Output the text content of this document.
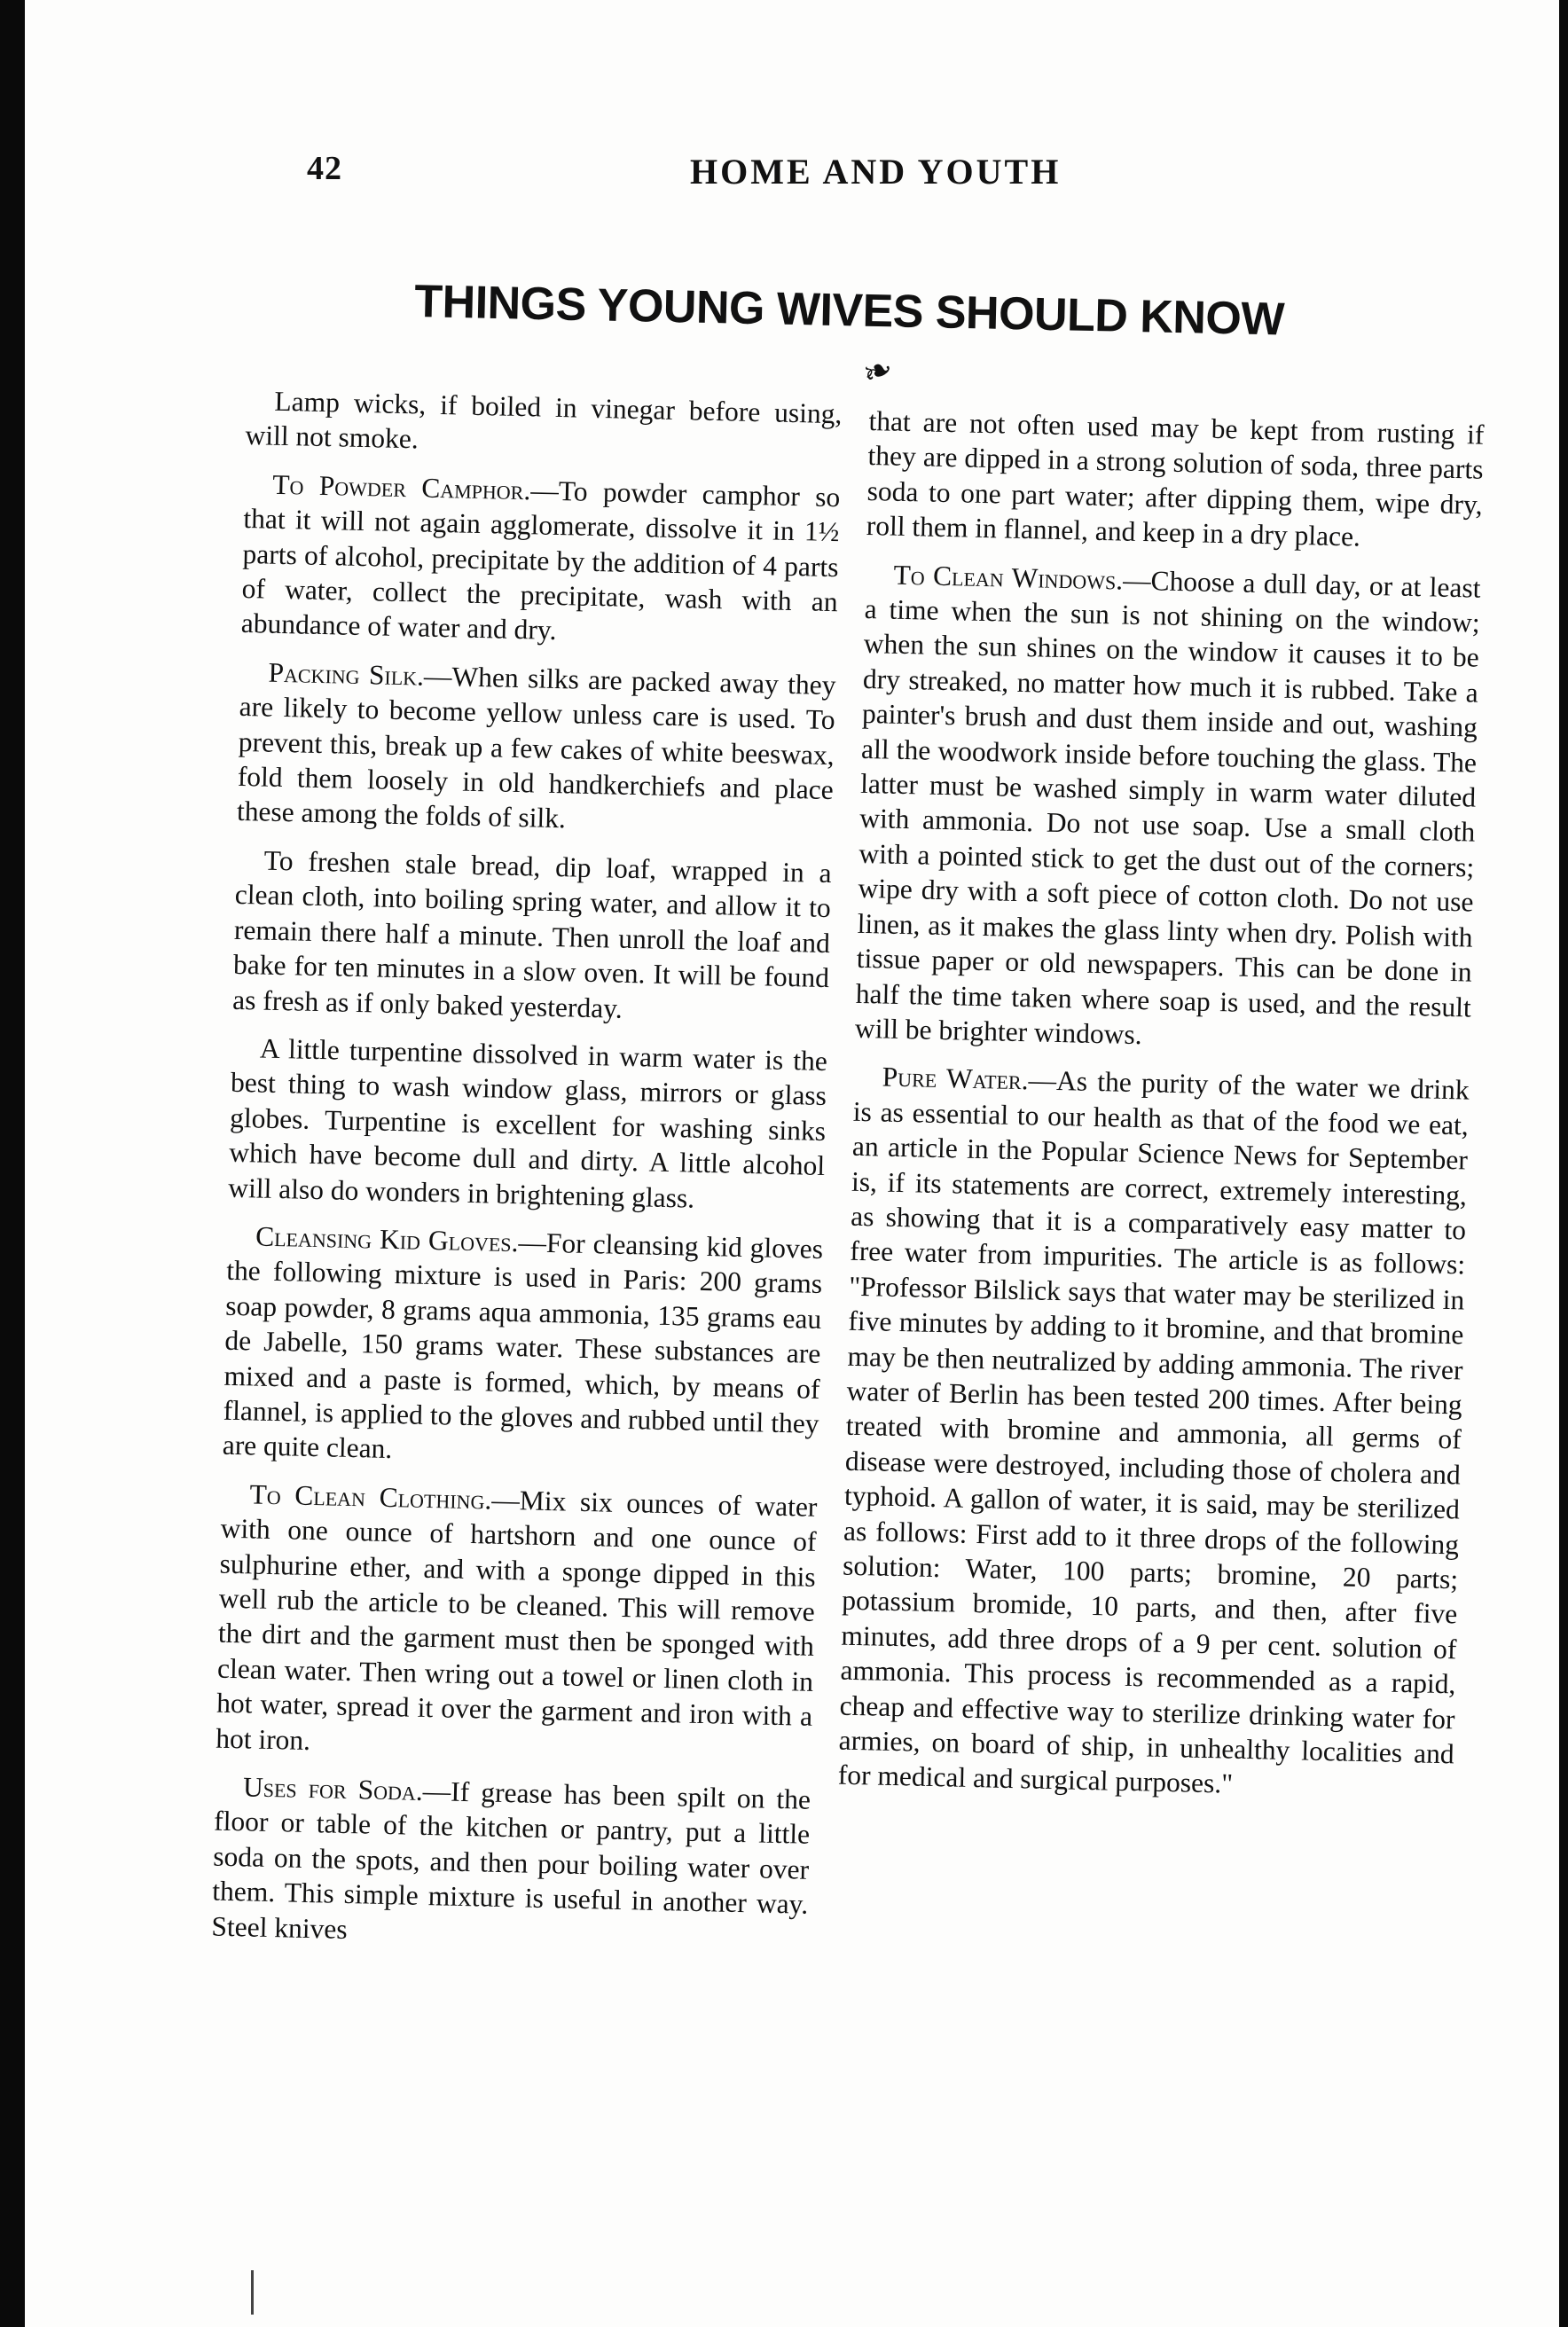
42	HOME AND YOUTH
THINGS YOUNG WIVES SHOULD KNOW
❧

Lamp wicks, if boiled in vinegar before using, will not smoke.

To Powder Camphor.—To powder camphor so that it will not again agglomerate, dissolve it in 1½ parts of alcohol, precipitate by the addition of 4 parts of water, collect the precipitate, wash with an abundance of water and dry.

Packing Silk.—When silks are packed away they are likely to become yellow unless care is used. To prevent this, break up a few cakes of white beeswax, fold them loosely in old handkerchiefs and place these among the folds of silk.

To freshen stale bread, dip loaf, wrapped in a clean cloth, into boiling spring water, and allow it to remain there half a minute. Then unroll the loaf and bake for ten minutes in a slow oven. It will be found as fresh as if only baked yesterday.

A little turpentine dissolved in warm water is the best thing to wash window glass, mirrors or glass globes. Turpentine is excellent for washing sinks which have become dull and dirty. A little alcohol will also do wonders in brightening glass.

Cleansing Kid Gloves.—For cleansing kid gloves the following mixture is used in Paris: 200 grams soap powder, 8 grams aqua ammonia, 135 grams eau de Jabelle, 150 grams water. These substances are mixed and a paste is formed, which, by means of flannel, is applied to the gloves and rubbed until they are quite clean.

To Clean Clothing.—Mix six ounces of water with one ounce of hartshorn and one ounce of sulphurine ether, and with a sponge dipped in this well rub the article to be cleaned. This will remove the dirt and the garment must then be sponged with clean water. Then wring out a towel or linen cloth in hot water, spread it over the garment and iron with a hot iron.

Uses for Soda.—If grease has been spilt on the floor or table of the kitchen or pantry, put a little soda on the spots, and then pour boiling water over them. This simple mixture is useful in another way. Steel knives

that are not often used may be kept from rusting if they are dipped in a strong solution of soda, three parts soda to one part water; after dipping them, wipe dry, roll them in flannel, and keep in a dry place.

To Clean Windows.—Choose a dull day, or at least a time when the sun is not shining on the window; when the sun shines on the window it causes it to be dry streaked, no matter how much it is rubbed. Take a painter's brush and dust them inside and out, washing all the woodwork inside before touching the glass. The latter must be washed simply in warm water diluted with ammonia. Do not use soap. Use a small cloth with a pointed stick to get the dust out of the corners; wipe dry with a soft piece of cotton cloth. Do not use linen, as it makes the glass linty when dry. Polish with tissue paper or old newspapers. This can be done in half the time taken where soap is used, and the result will be brighter windows.

Pure Water.—As the purity of the water we drink is as essential to our health as that of the food we eat, an article in the Popular Science News for September is, if its statements are correct, extremely interesting, as showing that it is a comparatively easy matter to free water from impurities. The article is as follows: "Professor Bilslick says that water may be sterilized in five minutes by adding to it bromine, and that bromine may be then neutralized by adding ammonia. The river water of Berlin has been tested 200 times. After being treated with bromine and ammonia, all germs of disease were destroyed, including those of cholera and typhoid. A gallon of water, it is said, may be sterilized as follows: First add to it three drops of the following solution: Water, 100 parts; bromine, 20 parts; potassium bromide, 10 parts, and then, after five minutes, add three drops of a 9 per cent. solution of ammonia. This process is recommended as a rapid, cheap and effective way to sterilize drinking water for armies, on board of ship, in unhealthy localities and for medical and surgical purposes."
